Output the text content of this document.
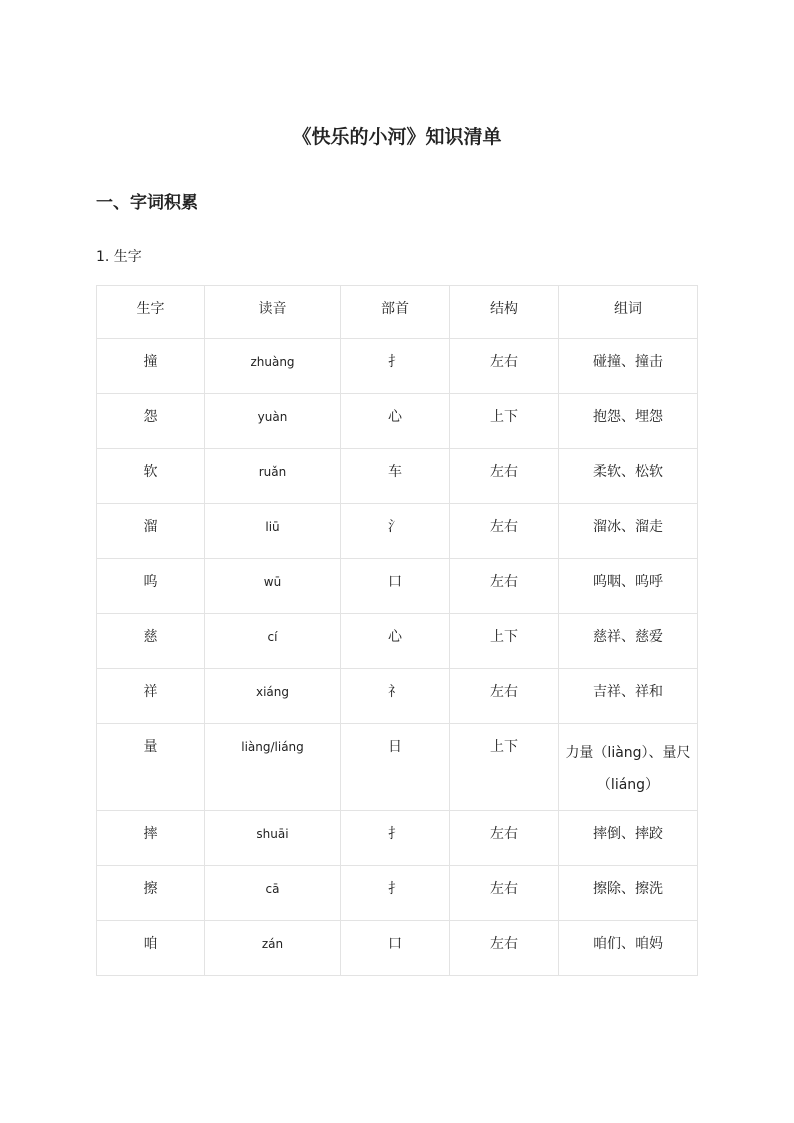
《快乐的小河》知识清单
一、字词积累

1. 生字

生字	读音	部首	结构	组词
撞	zhuàng	扌	左右	碰撞、撞击
怨	yuàn	心	上下	抱怨、埋怨
软	ruǎn	车	左右	柔软、松软
溜	liū	氵	左右	溜冰、溜走
呜	wū	口	左右	呜咽、呜呼
慈	cí	心	上下	慈祥、慈爱
祥	xiáng	礻	左右	吉祥、祥和
量	liàng/liáng	日	上下	力量（liàng）、量尺（liáng）
摔	shuāi	扌	左右	摔倒、摔跤
擦	cā	扌	左右	擦除、擦洗
咱	zán	口	左右	咱们、咱妈
